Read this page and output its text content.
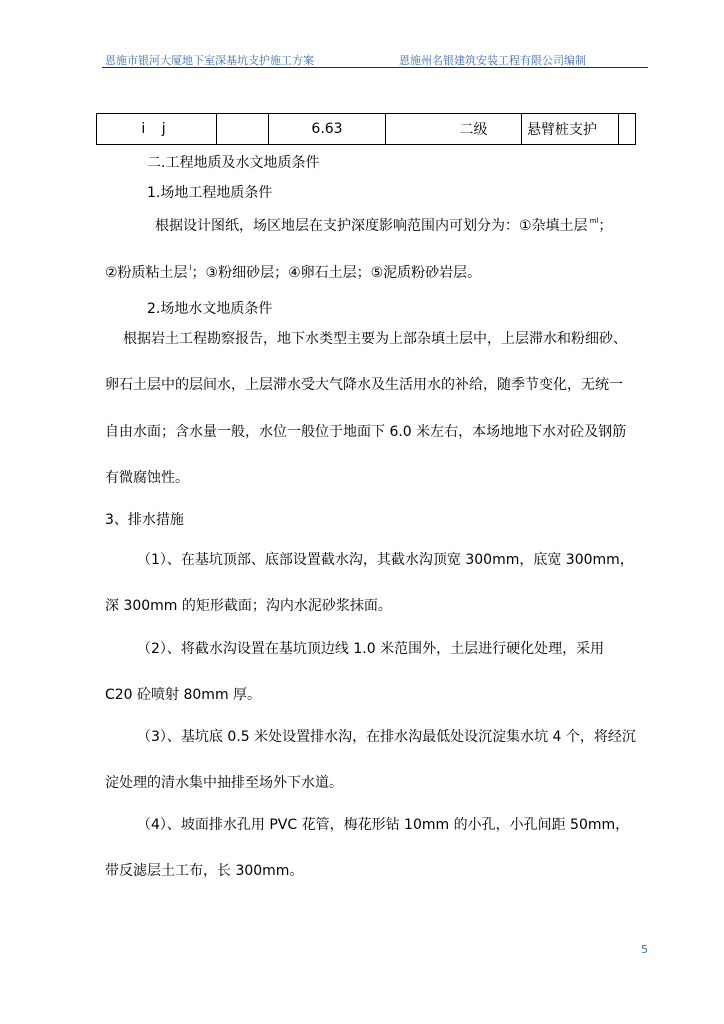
恩施市银河大厦地下室深基坑支护施工方案	恩施州名银建筑安装工程有限公司编制
i j		6.63	二级	悬臂桩支护	
二.工程地质及水文地质条件
1.场地工程地质条件
根据设计图纸，场区地层在支护深度影响范围内可划分为：①杂填土层 $^{ml}$；
②粉质粘土层 $^l$；③粉细砂层；④卵石土层；⑤泥质粉砂岩层。
2.场地水文地质条件
根据岩土工程勘察报告，地下水类型主要为上部杂填土层中，上层滞水和粉细砂、
卵石土层中的层间水，上层滞水受大气降水及生活用水的补给，随季节变化，无统一
自由水面；含水量一般，水位一般位于地面下 6.0 米左右，本场地地下水对砼及钢筋
有微腐蚀性。
3、排水措施
（1）、在基坑顶部、底部设置截水沟，其截水沟顶宽 300mm，底宽 300mm，
深 300mm 的矩形截面；沟内水泥砂浆抹面。
（2）、将截水沟设置在基坑顶边线 1.0 米范围外，土层进行硬化处理，采用
C20 砼喷射 80mm 厚。
（3）、基坑底 0.5 米处设置排水沟，在排水沟最低处设沉淀集水坑 4 个，将经沉
淀处理的清水集中抽排至场外下水道。
（4）、坡面排水孔用 PVC 花管，梅花形钻 10mm 的小孔，小孔间距 50mm，
带反滤层土工布，长 300mm。
5
